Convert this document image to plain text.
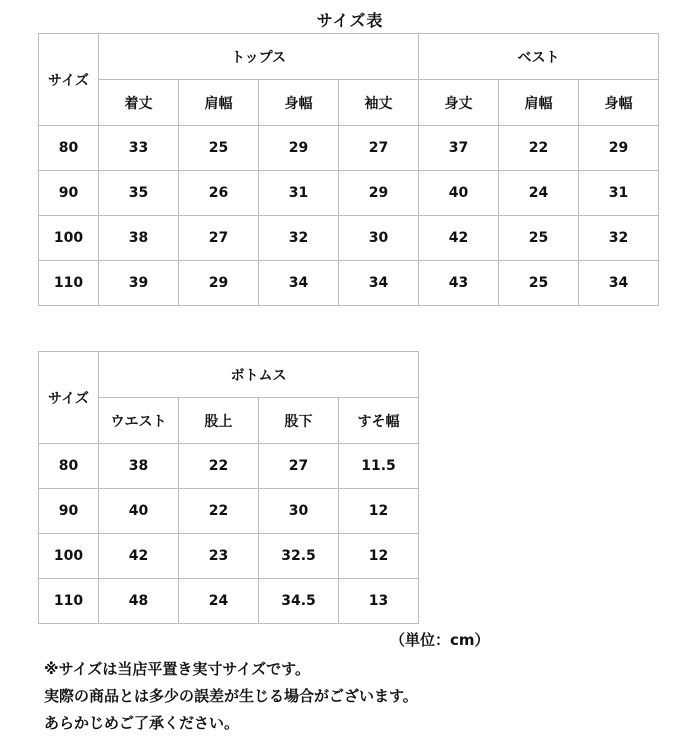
サイズ表
サイズ	トップス				ベスト		
	着丈	肩幅	身幅	袖丈	身丈	肩幅	身幅
80	33	25	29	27	37	22	29
90	35	26	31	29	40	24	31
100	38	27	32	30	42	25	32
110	39	29	34	34	43	25	34
サイズ	ボトムス			
	ウエスト	股上	股下	すそ幅
80	38	22	27	11.5
90	40	22	30	12
100	42	23	32.5	12
110	48	24	34.5	13
（単位：cm）
※サイズは当店平置き実寸サイズです。
実際の商品とは多少の誤差が生じる場合がございます。
あらかじめご了承ください。
